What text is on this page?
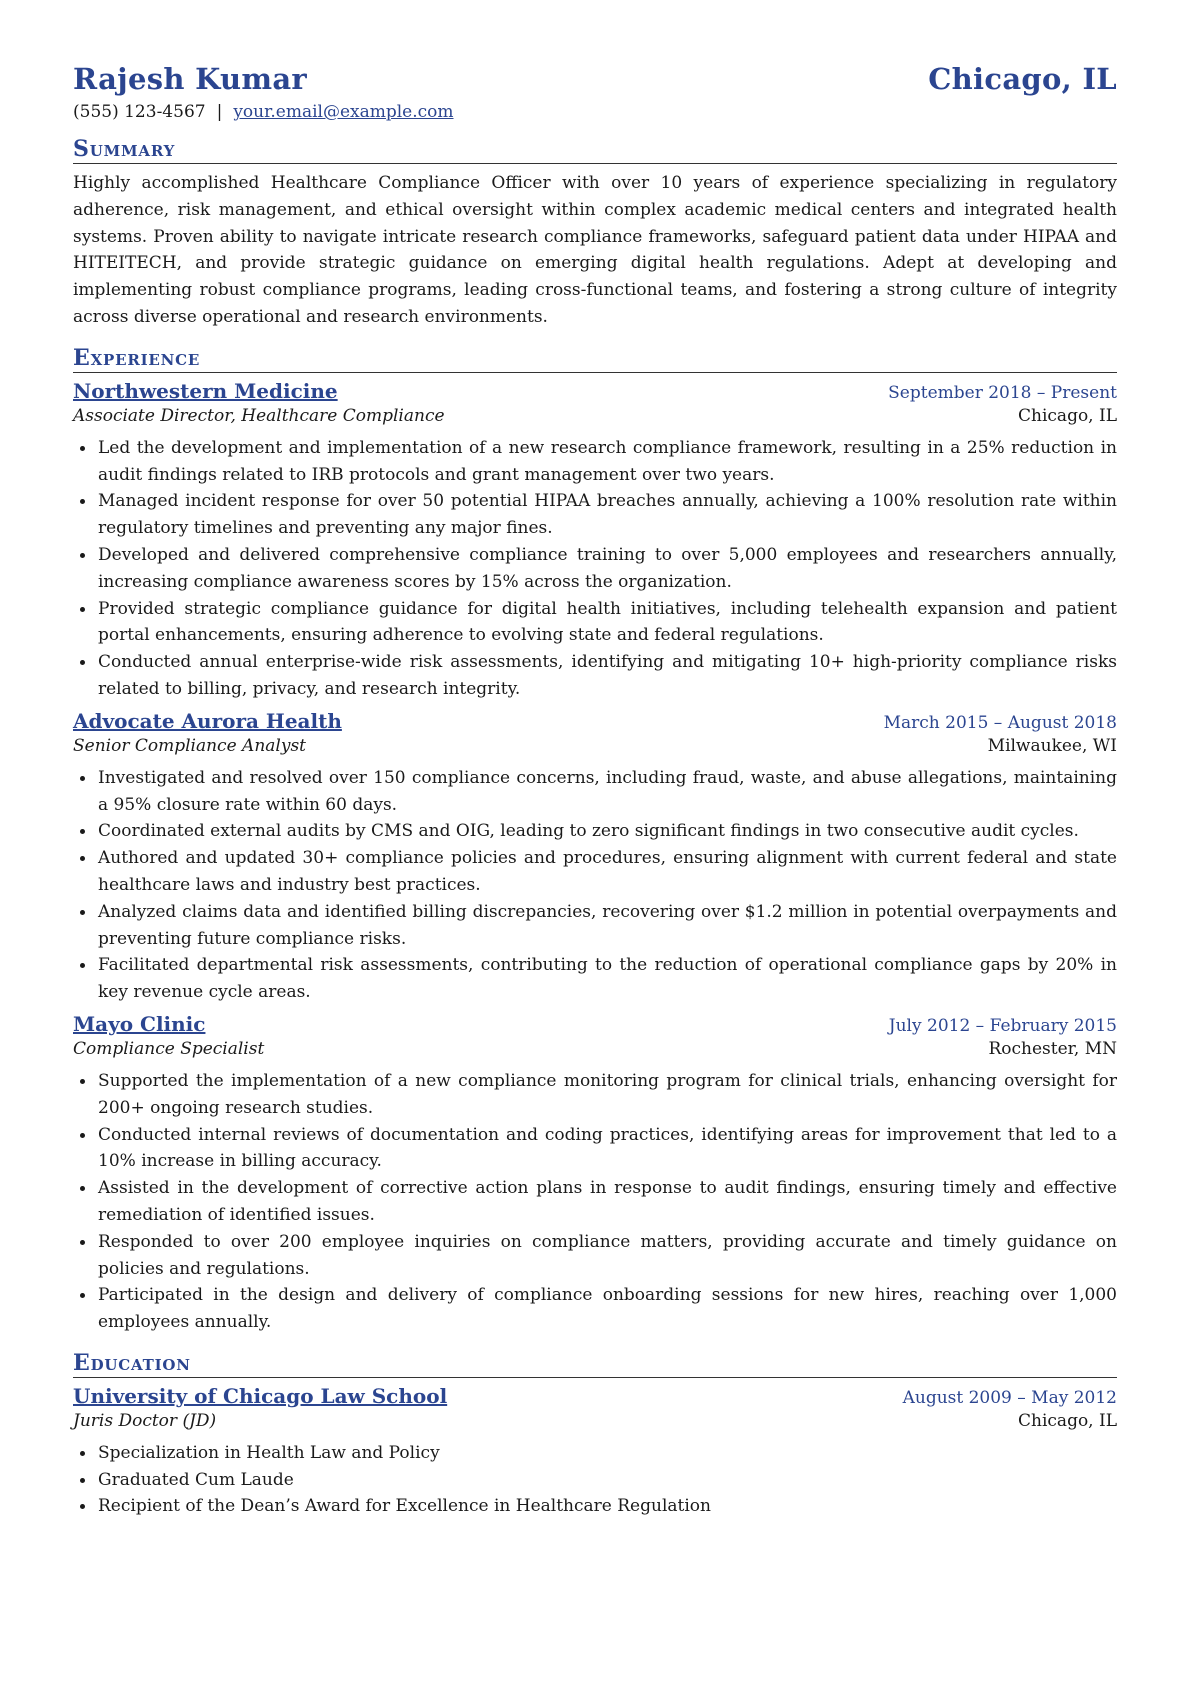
Rajesh Kumar	Chicago, IL
(555) 123-4567 | your.email@example.com
Summary
Highly accomplished Healthcare Compliance Officer with over 10 years of experience specializing in regulatory adherence, risk management, and ethical oversight within complex academic medical centers and integrated health systems. Proven ability to navigate intricate research compliance frameworks, safeguard patient data under HIPAA and HITEITECH, and provide strategic guidance on emerging digital health regulations. Adept at developing and implementing robust compliance programs, leading cross-functional teams, and fostering a strong culture of integrity across diverse operational and research environments.
Experience
Northwestern Medicine	September 2018 – Present
Associate Director, Healthcare Compliance	Chicago, IL
Led the development and implementation of a new research compliance framework, resulting in a 25% reduction in audit findings related to IRB protocols and grant management over two years.
Managed incident response for over 50 potential HIPAA breaches annually, achieving a 100% resolution rate within regulatory timelines and preventing any major fines.
Developed and delivered comprehensive compliance training to over 5,000 employees and researchers annually, increasing compliance awareness scores by 15% across the organization.
Provided strategic compliance guidance for digital health initiatives, including telehealth expansion and patient portal enhancements, ensuring adherence to evolving state and federal regulations.
Conducted annual enterprise-wide risk assessments, identifying and mitigating 10+ high-priority compliance risks related to billing, privacy, and research integrity.
Advocate Aurora Health	March 2015 – August 2018
Senior Compliance Analyst	Milwaukee, WI
Investigated and resolved over 150 compliance concerns, including fraud, waste, and abuse allegations, maintaining a 95% closure rate within 60 days.
Coordinated external audits by CMS and OIG, leading to zero significant findings in two consecutive audit cycles.
Authored and updated 30+ compliance policies and procedures, ensuring alignment with current federal and state healthcare laws and industry best practices.
Analyzed claims data and identified billing discrepancies, recovering over $1.2 million in potential overpayments and preventing future compliance risks.
Facilitated departmental risk assessments, contributing to the reduction of operational compliance gaps by 20% in key revenue cycle areas.
Mayo Clinic	July 2012 – February 2015
Compliance Specialist	Rochester, MN
Supported the implementation of a new compliance monitoring program for clinical trials, enhancing oversight for 200+ ongoing research studies.
Conducted internal reviews of documentation and coding practices, identifying areas for improvement that led to a 10% increase in billing accuracy.
Assisted in the development of corrective action plans in response to audit findings, ensuring timely and effective remediation of identified issues.
Responded to over 200 employee inquiries on compliance matters, providing accurate and timely guidance on policies and regulations.
Participated in the design and delivery of compliance onboarding sessions for new hires, reaching over 1,000 employees annually.
Education
University of Chicago Law School	August 2009 – May 2012
Juris Doctor (JD)	Chicago, IL
Specialization in Health Law and Policy
Graduated Cum Laude
Recipient of the Dean’s Award for Excellence in Healthcare Regulation
